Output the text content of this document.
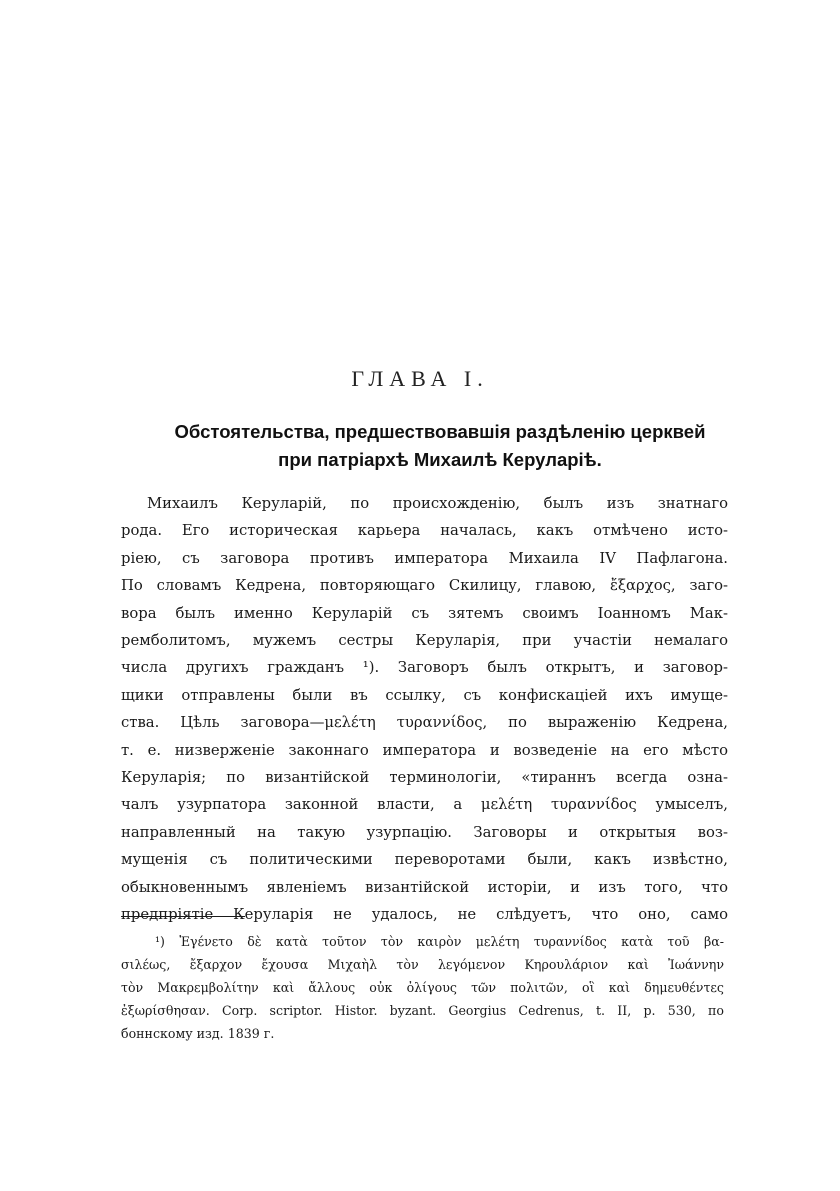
ГЛАВА I.
Обстоятельства, предшествовавшія раздѣленію церквей
при патріархѣ Михаилѣ Керуларіѣ.
Михаилъ Керуларій, по происхожденію, былъ изъ знатнаго
рода. Его историческая карьера началась, какъ отмѣчено исто-
ріею, съ заговора противъ императора Михаила IV Пафлагона.
По словамъ Кедрена, повторяющаго Скилицу, главою, ἔξαρχος, заго-
вора былъ именно Керуларій съ зятемъ своимъ Іоанномъ Мак-
ремболитомъ, мужемъ сестры Керуларія, при участіи немалаго
числа другихъ гражданъ ¹). Заговоръ былъ открытъ, и заговор-
щики отправлены были въ ссылку, съ конфискаціей ихъ имуще-
ства. Цѣль заговора—μελέτη τυραννίδος, по выраженію Кедрена,
т. е. низверженіе законнаго императора и возведеніе на его мѣсто
Керуларія; по византійской терминологіи, «тираннъ всегда озна-
чалъ узурпатора законной власти, а μελέτη τυραννίδος умыселъ,
направленный на такую узурпацію. Заговоры и открытыя воз-
мущенія съ политическими переворотами были, какъ извѣстно,
обыкновеннымъ явленіемъ византійской исторіи, и изъ того, что
предпріятіе Керуларія не удалось, не слѣдуетъ, что оно, само
¹) Ἐγένετο δὲ κατὰ τοῦτον τὸν καιρὸν μελέτη τυραννίδος κατὰ τοῦ βα-
σιλέως, ἔξαρχον ἔχουσα Μιχαὴλ τὸν λεγόμενον Κηρουλάριον καὶ Ἰωάννην
τὸν Μακρεμβολίτην καὶ ἄλλους οὐκ ὀλίγους τῶν πολιτῶν, οἳ καὶ δημευθέντες
ἐξωρίσθησαν. Corp. scriptor. Histor. byzant. Georgius Cedrenus, t. II, p. 530, по
боннскому изд. 1839 г.
